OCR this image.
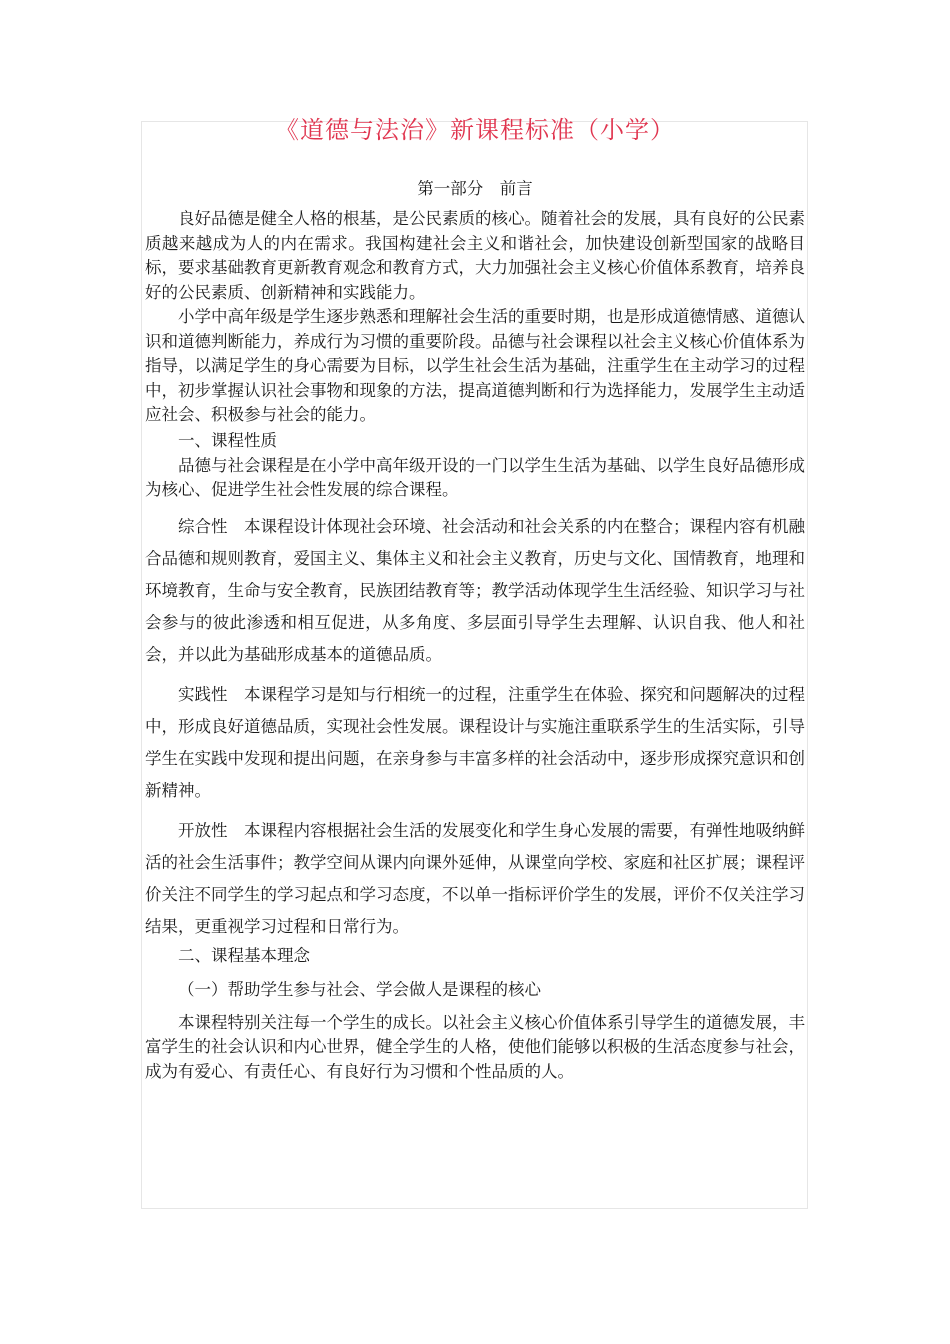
《道德与法治》新课程标准（小学）
第一部分　前言

良好品德是健全人格的根基，是公民素质的核心。随着社会的发展，具有良好的公民素质越来越成为人的内在需求。我国构建社会主义和谐社会，加快建设创新型国家的战略目标，要求基础教育更新教育观念和教育方式，大力加强社会主义核心价值体系教育，培养良好的公民素质、创新精神和实践能力。

小学中高年级是学生逐步熟悉和理解社会生活的重要时期，也是形成道德情感、道德认识和道德判断能力，养成行为习惯的重要阶段。品德与社会课程以社会主义核心价值体系为指导，以满足学生的身心需要为目标，以学生社会生活为基础，注重学生在主动学习的过程中，初步掌握认识社会事物和现象的方法，提高道德判断和行为选择能力，发展学生主动适应社会、积极参与社会的能力。

一、课程性质

品德与社会课程是在小学中高年级开设的一门以学生生活为基础、以学生良好品德形成为核心、促进学生社会性发展的综合课程。

综合性　本课程设计体现社会环境、社会活动和社会关系的内在整合；课程内容有机融合品德和规则教育，爱国主义、集体主义和社会主义教育，历史与文化、国情教育，地理和环境教育，生命与安全教育，民族团结教育等；教学活动体现学生生活经验、知识学习与社会参与的彼此渗透和相互促进，从多角度、多层面引导学生去理解、认识自我、他人和社会，并以此为基础形成基本的道德品质。

实践性　本课程学习是知与行相统一的过程，注重学生在体验、探究和问题解决的过程中，形成良好道德品质，实现社会性发展。课程设计与实施注重联系学生的生活实际，引导学生在实践中发现和提出问题，在亲身参与丰富多样的社会活动中，逐步形成探究意识和创新精神。

开放性　本课程内容根据社会生活的发展变化和学生身心发展的需要，有弹性地吸纳鲜活的社会生活事件；教学空间从课内向课外延伸，从课堂向学校、家庭和社区扩展；课程评价关注不同学生的学习起点和学习态度，不以单一指标评价学生的发展，评价不仅关注学习结果，更重视学习过程和日常行为。

二、课程基本理念

（一）帮助学生参与社会、学会做人是课程的核心

本课程特别关注每一个学生的成长。以社会主义核心价值体系引导学生的道德发展，丰富学生的社会认识和内心世界，健全学生的人格，使他们能够以积极的生活态度参与社会，成为有爱心、有责任心、有良好行为习惯和个性品质的人。
